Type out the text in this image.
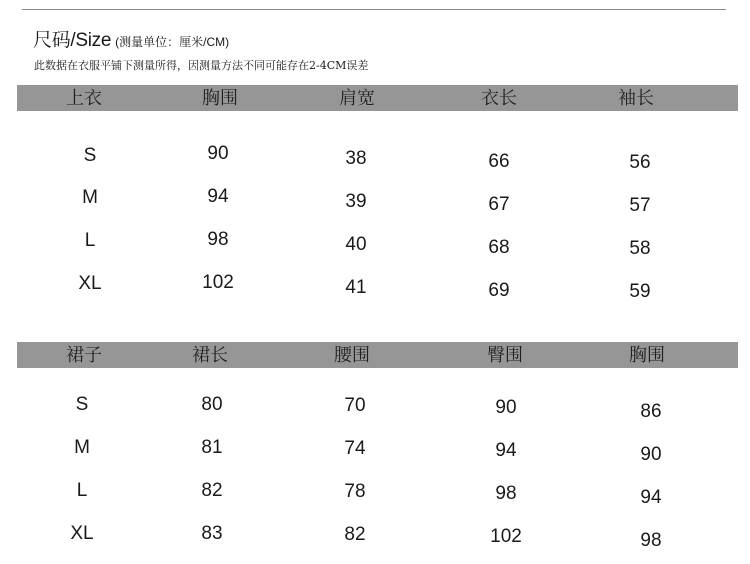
尺码/Size (测量单位：厘米/CM)
此数据在衣服平铺下测量所得，因测量方法不同可能存在2-4CM误差
上衣	胸围	肩宽	衣长	袖长
S	90	38	66	56
M	94	39	67	57
L	98	40	68	58
XL	102	41	69	59
裙子	裙长	腰围	臀围	胸围
S	80	70	90	86
M	81	74	94	90
L	82	78	98	94
XL	83	82	102	98
